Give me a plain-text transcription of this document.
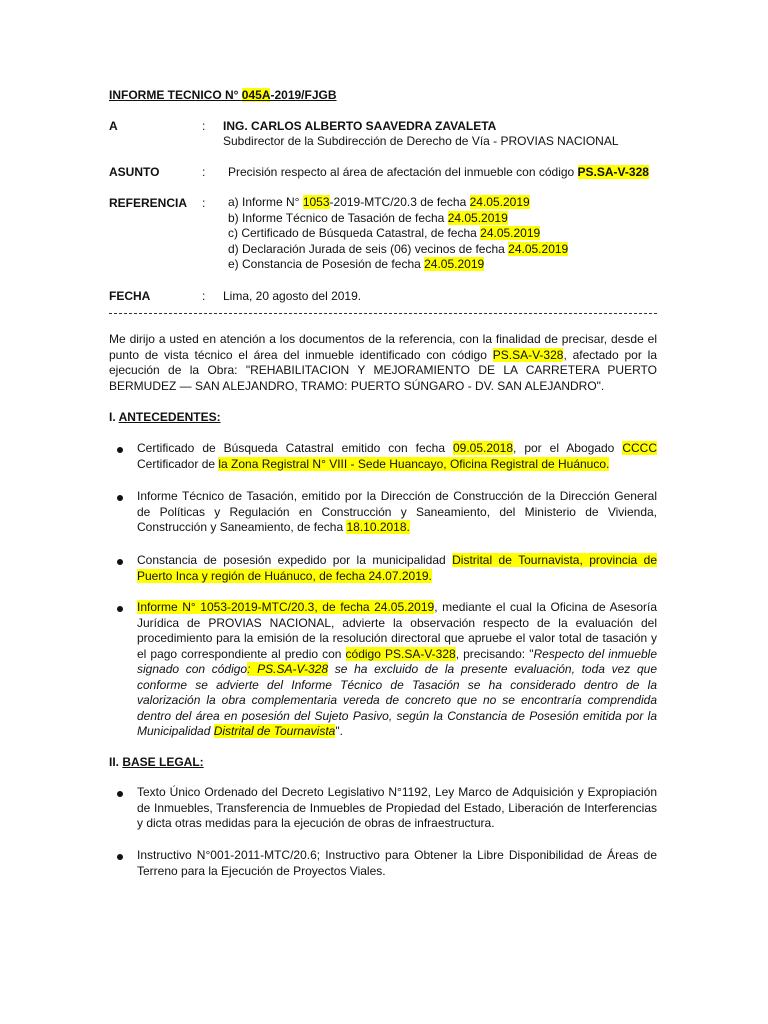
INFORME TECNICO N° 045A-2019/FJGB
A	: ING. CARLOS ALBERTO SAAVEDRA ZAVALETA
Subdirector de la Subdirección de Derecho de Vía - PROVIAS NACIONAL
ASUNTO	: Precisión respecto al área de afectación del inmueble con código PS.SA-V-328
REFERENCIA : a) Informe N° 1053-2019-MTC/20.3 de fecha 24.05.2019
b) Informe Técnico de Tasación de fecha 24.05.2019
c) Certificado de Búsqueda Catastral, de fecha 24.05.2019
d) Declaración Jurada de seis (06) vecinos de fecha 24.05.2019
e) Constancia de Posesión de fecha 24.05.2019
FECHA	: Lima, 20 agosto del 2019.
Me dirijo a usted en atención a los documentos de la referencia, con la finalidad de precisar, desde el punto de vista técnico el área del inmueble identificado con código PS.SA-V-328, afectado por la ejecución de la Obra: "REHABILITACION Y MEJORAMIENTO DE LA CARRETERA PUERTO BERMUDEZ — SAN ALEJANDRO, TRAMO: PUERTO SÚNGARO - DV. SAN ALEJANDRO".
I. ANTECEDENTES:
Certificado de Búsqueda Catastral emitido con fecha 09.05.2018, por el Abogado CCCC Certificador de la Zona Registral N° VIII - Sede Huancayo, Oficina Registral de Huánuco.
Informe Técnico de Tasación, emitido por la Dirección de Construcción de la Dirección General de Políticas y Regulación en Construcción y Saneamiento, del Ministerio de Vivienda, Construcción y Saneamiento, de fecha 18.10.2018.
Constancia de posesión expedido por la municipalidad Distrital de Tournavista, provincia de Puerto Inca y región de Huánuco, de fecha 24.07.2019.
Informe N° 1053-2019-MTC/20.3, de fecha 24.05.2019, mediante el cual la Oficina de Asesoría Jurídica de PROVIAS NACIONAL, advierte la observación respecto de la evaluación del procedimiento para la emisión de la resolución directoral que apruebe el valor total de tasación y el pago correspondiente al predio con código PS.SA-V-328, precisando: "Respecto del inmueble signado con código: PS.SA-V-328 se ha excluido de la presente evaluación, toda vez que conforme se advierte del Informe Técnico de Tasación se ha considerado dentro de la valorización la obra complementaria vereda de concreto que no se encontraría comprendida dentro del área en posesión del Sujeto Pasivo, según la Constancia de Posesión emitida por la Municipalidad Distrital de Tournavista".
II. BASE LEGAL:
Texto Único Ordenado del Decreto Legislativo N°1192, Ley Marco de Adquisición y Expropiación de Inmuebles, Transferencia de Inmuebles de Propiedad del Estado, Liberación de Interferencias y dicta otras medidas para la ejecución de obras de infraestructura.
Instructivo N°001-2011-MTC/20.6; Instructivo para Obtener la Libre Disponibilidad de Áreas de Terreno para la Ejecución de Proyectos Viales.
